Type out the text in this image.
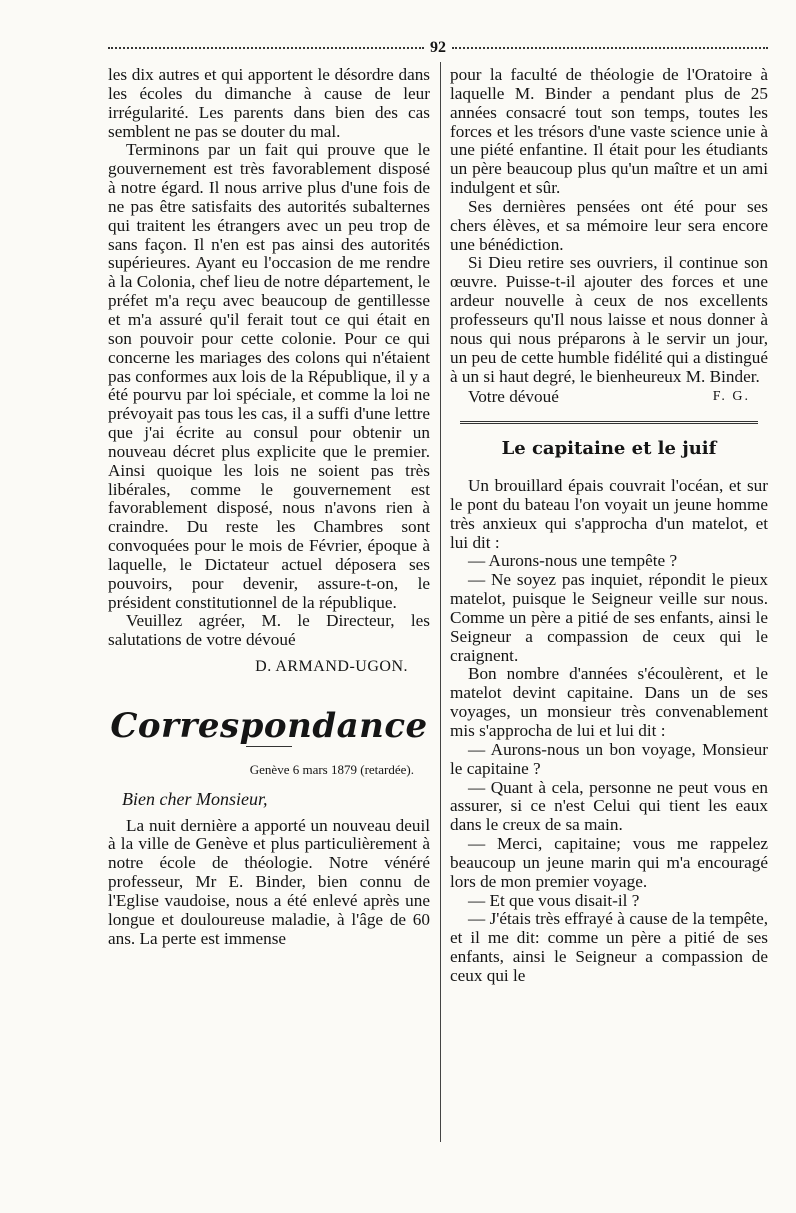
92

les dix autres et qui apportent le désordre dans les écoles du dimanche à cause de leur irrégularité. Les parents dans bien des cas semblent ne pas se douter du mal.

Terminons par un fait qui prouve que le gouvernement est très favorablement disposé à notre égard. Il nous arrive plus d'une fois de ne pas être satisfaits des autorités subalternes qui traitent les étrangers avec un peu trop de sans façon. Il n'en est pas ainsi des autorités supérieures. Ayant eu l'occasion de me rendre à la Colonia, chef lieu de notre département, le préfet m'a reçu avec beaucoup de gentillesse et m'a assuré qu'il ferait tout ce qui était en son pouvoir pour cette colonie. Pour ce qui concerne les mariages des colons qui n'étaient pas conformes aux lois de la République, il y a été pourvu par loi spéciale, et comme la loi ne prévoyait pas tous les cas, il a suffi d'une lettre que j'ai écrite au consul pour obtenir un nouveau décret plus explicite que le premier. Ainsi quoique les lois ne soient pas très libérales, comme le gouvernement est favorablement disposé, nous n'avons rien à craindre. Du reste les Chambres sont convoquées pour le mois de Février, époque à laquelle, le Dictateur actuel déposera ses pouvoirs, pour devenir, assure-t-on, le président constitutionnel de la république.

Veuillez agréer, M. le Directeur, les salutations de votre dévoué

D. ARMAND-UGON.
Correspondance
Genève 6 mars 1879 (retardée).
Bien cher Monsieur,

La nuit dernière a apporté un nouveau deuil à la ville de Genève et plus particulièrement à notre école de théologie. Notre vénéré professeur, Mr E. Binder, bien connu de l'Eglise vaudoise, nous a été enlevé après une longue et douloureuse maladie, à l'âge de 60 ans. La perte est immense

pour la faculté de théologie de l'Oratoire à laquelle M. Binder a pendant plus de 25 années consacré tout son temps, toutes les forces et les trésors d'une vaste science unie à une piété enfantine. Il était pour les étudiants un père beaucoup plus qu'un maître et un ami indulgent et sûr.

Ses dernières pensées ont été pour ses chers élèves, et sa mémoire leur sera encore une bénédiction.

Si Dieu retire ses ouvriers, il continue son œuvre. Puisse-t-il ajouter des forces et une ardeur nouvelle à ceux de nos excellents professeurs qu'Il nous laisse et nous donner à nous qui nous préparons à le servir un jour, un peu de cette humble fidélité qui a distingué à un si haut degré, le bienheureux M. Binder.

Votre dévoué	F. G.
Le capitaine et le juif

Un brouillard épais couvrait l'océan, et sur le pont du bateau l'on voyait un jeune homme très anxieux qui s'approcha d'un matelot, et lui dit :

— Aurons-nous une tempête ?

— Ne soyez pas inquiet, répondit le pieux matelot, puisque le Seigneur veille sur nous. Comme un père a pitié de ses enfants, ainsi le Seigneur a compassion de ceux qui le craignent.

Bon nombre d'années s'écoulèrent, et le matelot devint capitaine. Dans un de ses voyages, un monsieur très convenablement mis s'approcha de lui et lui dit :

— Aurons-nous un bon voyage, Monsieur le capitaine ?

— Quant à cela, personne ne peut vous en assurer, si ce n'est Celui qui tient les eaux dans le creux de sa main.

— Merci, capitaine; vous me rappelez beaucoup un jeune marin qui m'a encouragé lors de mon premier voyage.

— Et que vous disait-il ?

— J'étais très effrayé à cause de la tempête, et il me dit: comme un père a pitié de ses enfants, ainsi le Seigneur a compassion de ceux qui le
